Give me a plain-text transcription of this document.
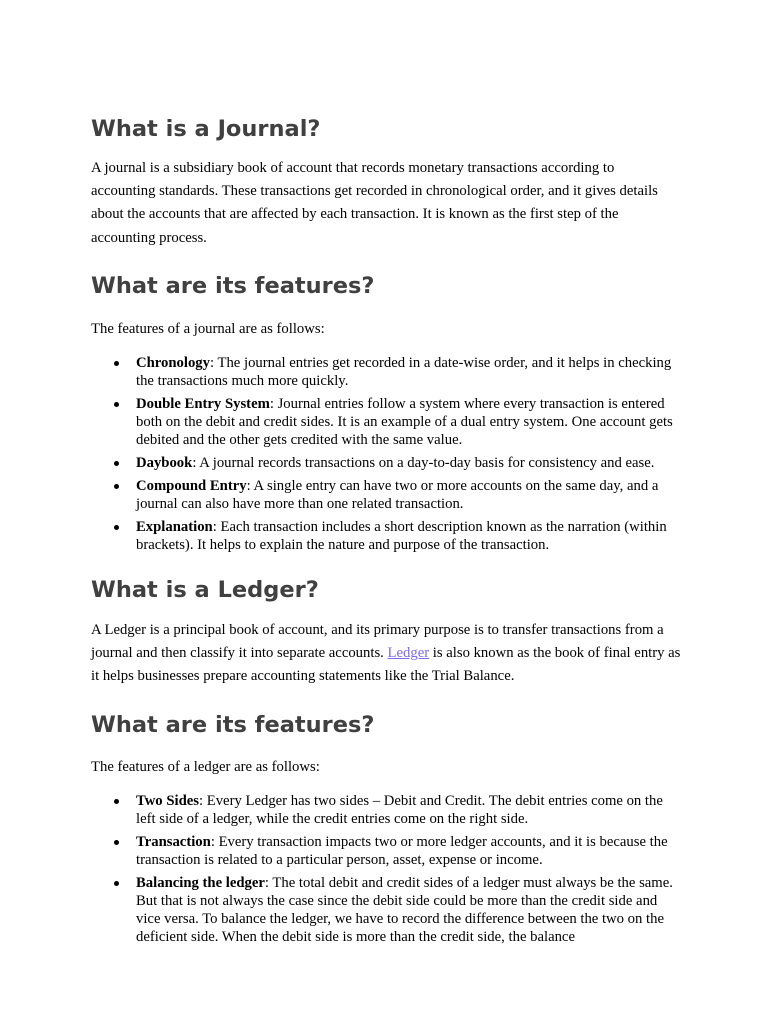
What is a Journal?

A journal is a subsidiary book of account that records monetary transactions according to accounting standards. These transactions get recorded in chronological order, and it gives details about the accounts that are affected by each transaction. It is known as the first step of the accounting process.

What are its features?

The features of a journal are as follows:

Chronology: The journal entries get recorded in a date-wise order, and it helps in checking the transactions much more quickly.
Double Entry System: Journal entries follow a system where every transaction is entered both on the debit and credit sides. It is an example of a dual entry system. One account gets debited and the other gets credited with the same value.
Daybook: A journal records transactions on a day-to-day basis for consistency and ease.
Compound Entry: A single entry can have two or more accounts on the same day, and a journal can also have more than one related transaction.
Explanation: Each transaction includes a short description known as the narration (within brackets). It helps to explain the nature and purpose of the transaction.
What is a Ledger?

A Ledger is a principal book of account, and its primary purpose is to transfer transactions from a journal and then classify it into separate accounts. Ledger is also known as the book of final entry as it helps businesses prepare accounting statements like the Trial Balance.

What are its features?

The features of a ledger are as follows:

Two Sides: Every Ledger has two sides – Debit and Credit. The debit entries come on the left side of a ledger, while the credit entries come on the right side.
Transaction: Every transaction impacts two or more ledger accounts, and it is because the transaction is related to a particular person, asset, expense or income.
Balancing the ledger: The total debit and credit sides of a ledger must always be the same. But that is not always the case since the debit side could be more than the credit side and vice versa. To balance the ledger, we have to record the difference between the two on the deficient side. When the debit side is more than the credit side, the balance
